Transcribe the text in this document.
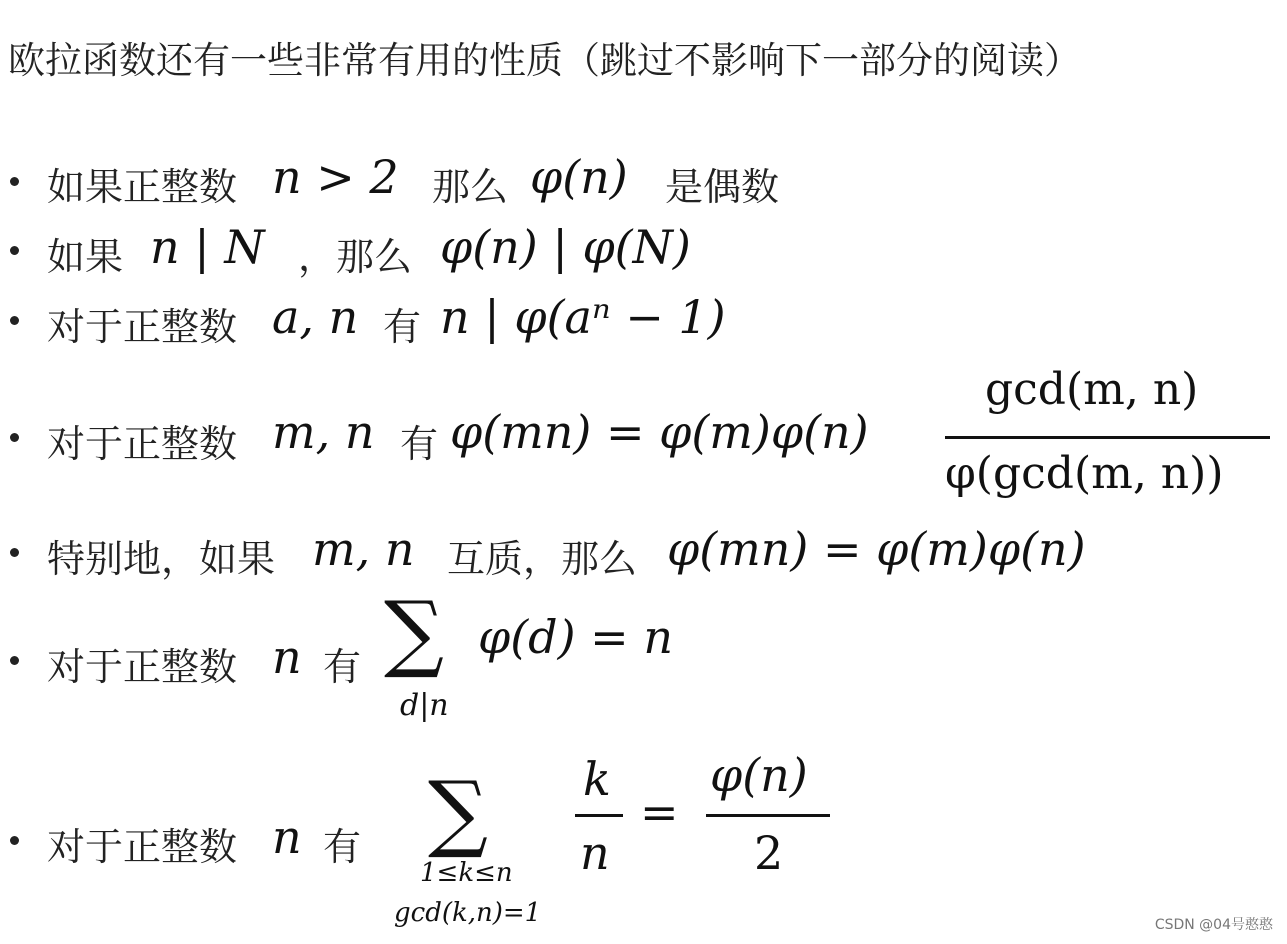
欧拉函数还有一些非常有用的性质（跳过不影响下一部分的阅读）
如果正整数 n > 2 那么 φ(n) 是偶数
如果 n | N ，那么 φ(n) | φ(N)
对于正整数 a, n 有 n | φ(aⁿ − 1)
对于正整数 m, n 有 φ(mn) = φ(m)φ(n)
gcd(m, n)
φ(gcd(m, n))
特别地，如果 m, n 互质，那么 φ(mn) = φ(m)φ(n)
对于正整数 n 有 ∑
d|n
φ(d) = n
对于正整数 n 有 ∑
1≤k≤n
gcd(k,n)=1
k
n
=
φ(n)
2
CSDN @04号憨憨
